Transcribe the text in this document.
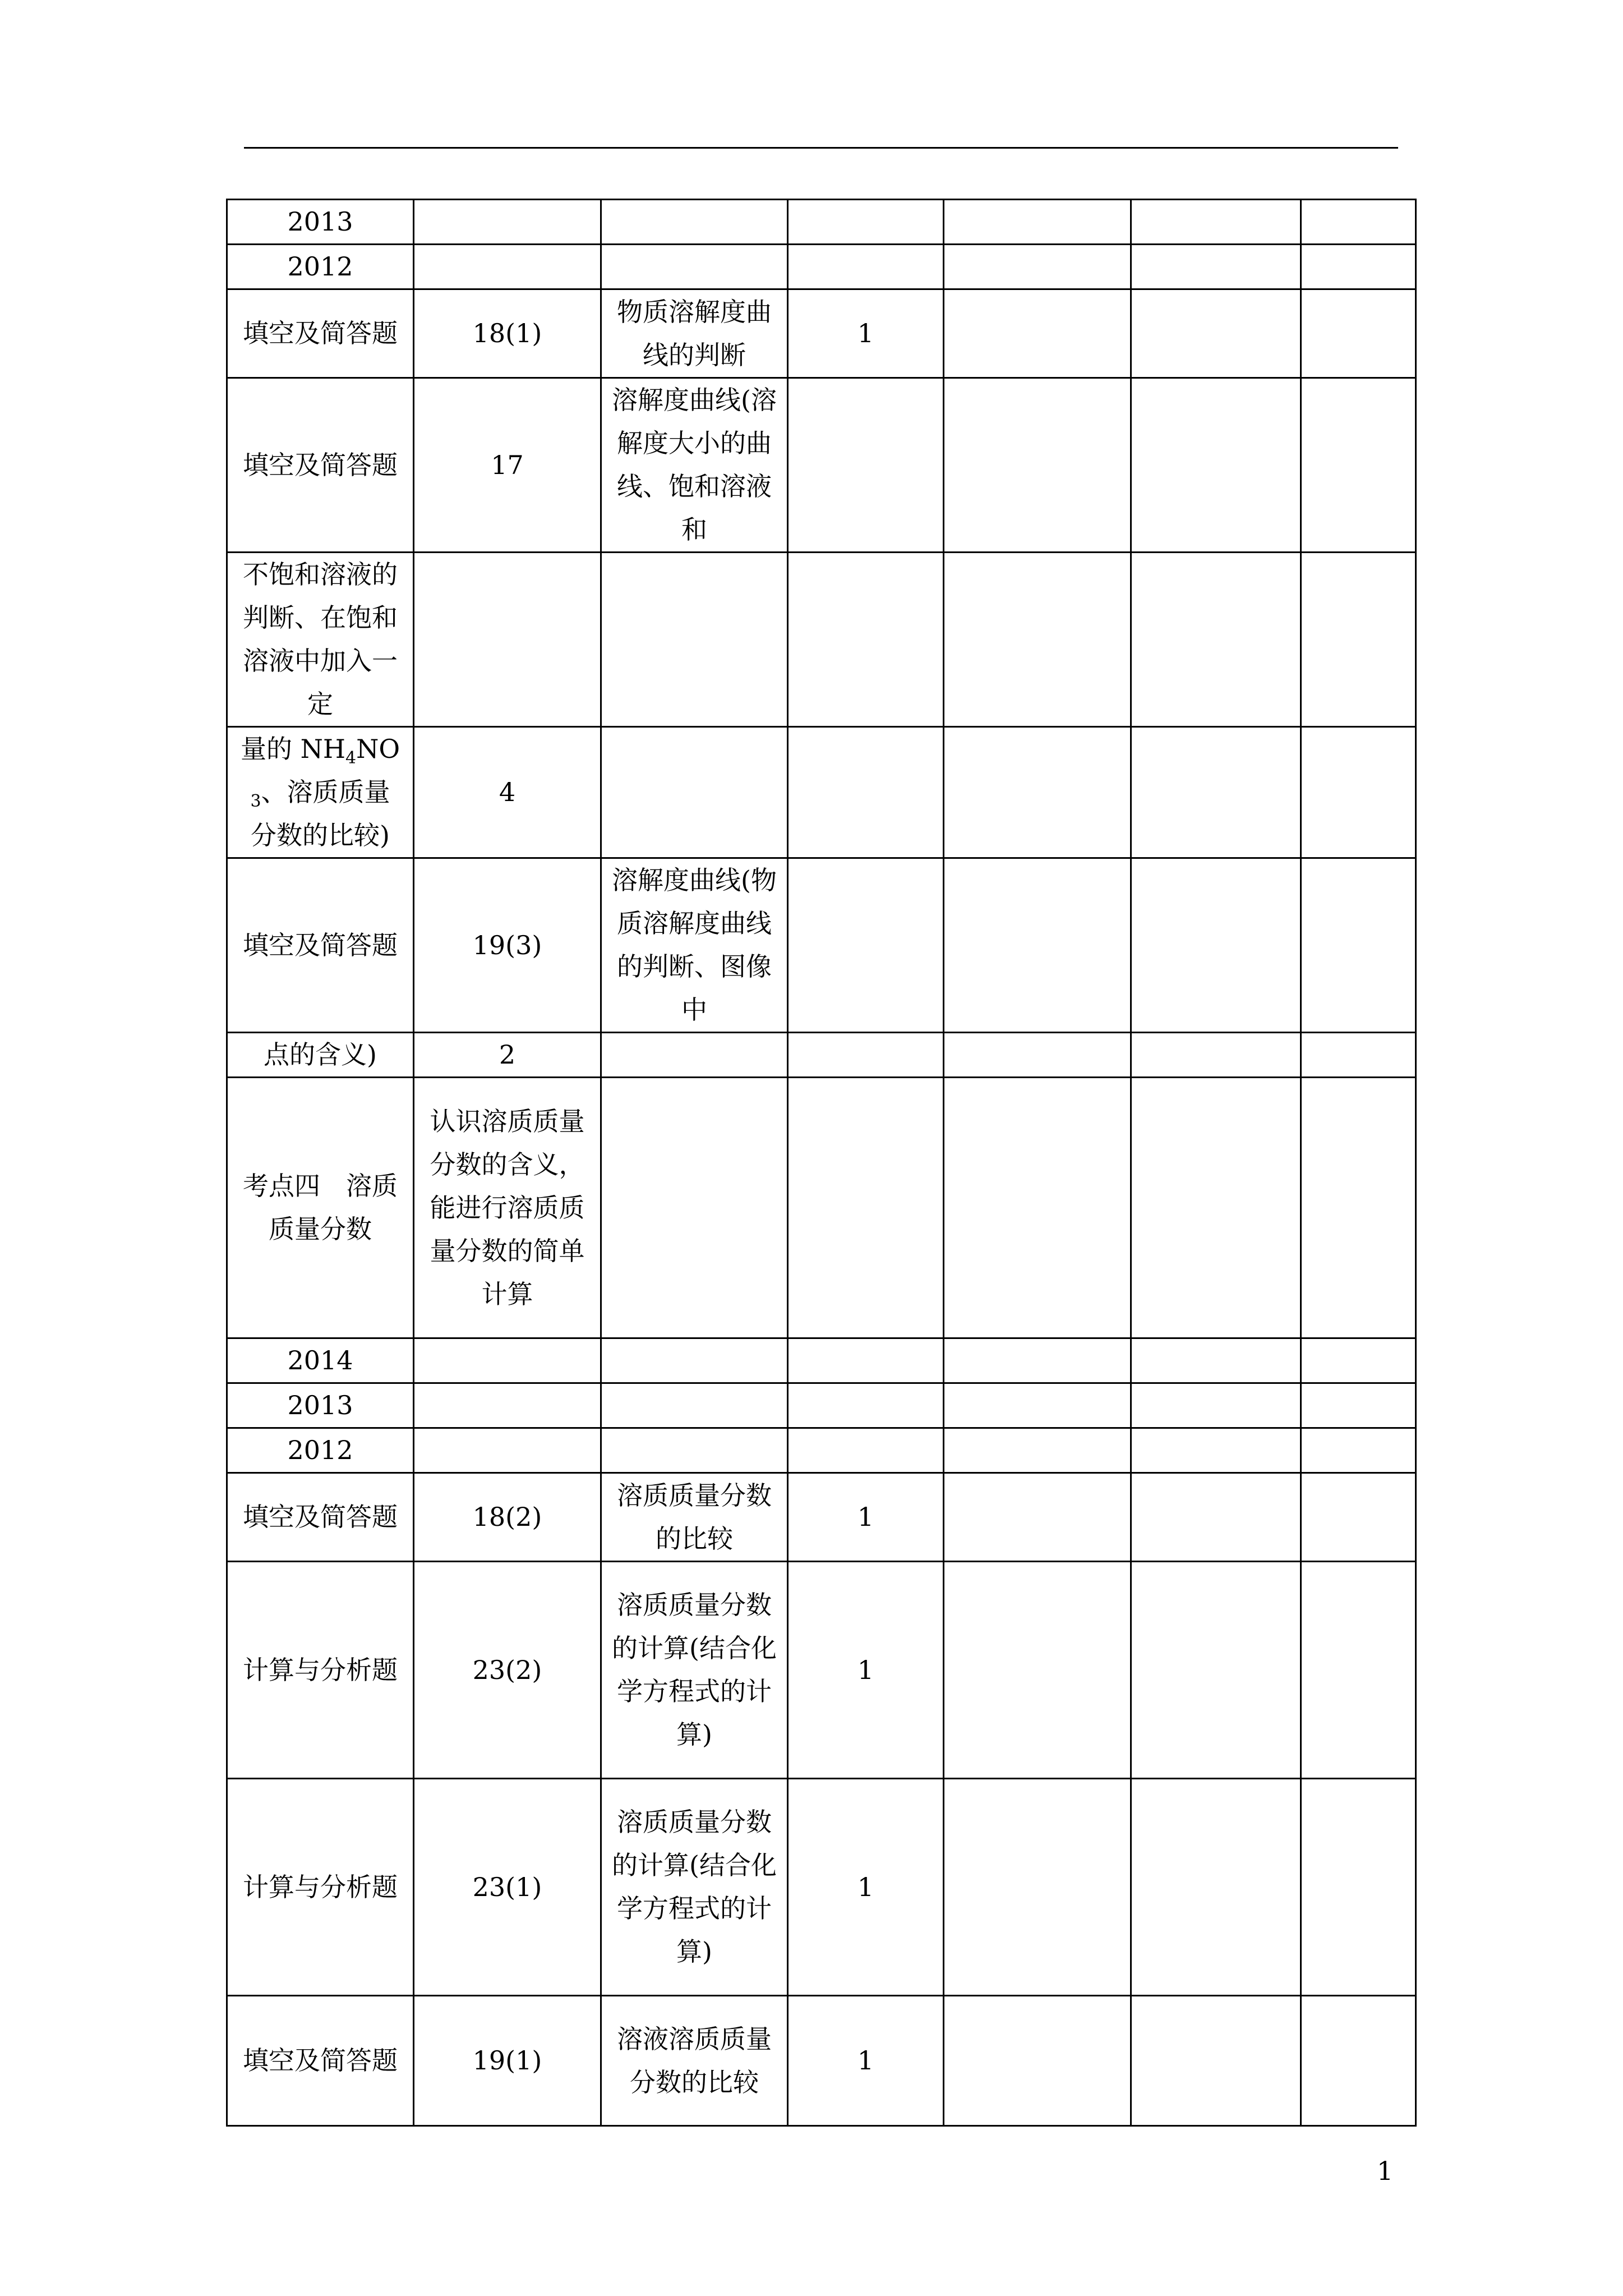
2013						
2012						
填空及简答题	18(1)	物质溶解度曲线的判断	1			
填空及简答题	17	溶解度曲线(溶解度大小的曲线、饱和溶液和				
不饱和溶液的判断、在饱和溶液中加入一定						
量的 $NH_4NO_3$、溶质质量分数的比较)	4					
填空及简答题	19(3)	溶解度曲线(物质溶解度曲线的判断、图像中				
点的含义)	2					
考点四　溶质质量分数	认识溶质质量分数的含义，能进行溶质质量分数的简单计算					
2014						
2013						
2012						
填空及简答题	18(2)	溶质质量分数的比较	1			
计算与分析题	23(2)	溶质质量分数的计算(结合化学方程式的计算)	1			
计算与分析题	23(1)	溶质质量分数的计算(结合化学方程式的计算)	1			
填空及简答题	19(1)	溶液溶质质量分数的比较	1			
1
